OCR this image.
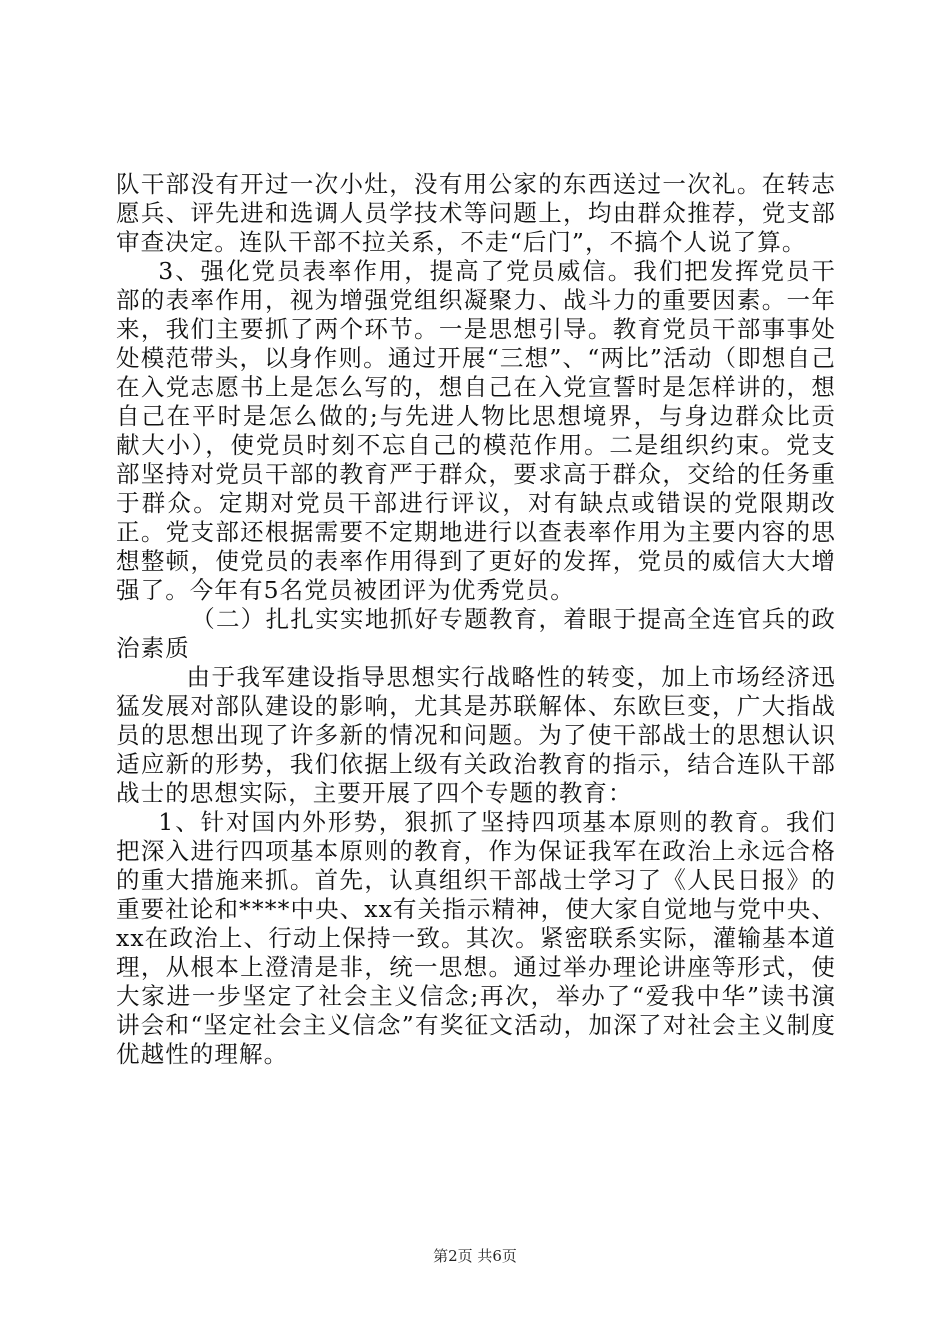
队干部没有开过一次小灶，没有用公家的东西送过一次礼。在转志愿兵、评先进和选调人员学技术等问题上，均由群众推荐，党支部审查决定。连队干部不拉关系，不走“后门”，不搞个人说了算。

3、强化党员表率作用，提高了党员威信。我们把发挥党员干部的表率作用，视为增强党组织凝聚力、战斗力的重要因素。一年来，我们主要抓了两个环节。一是思想引导。教育党员干部事事处处模范带头，以身作则。通过开展“三想”、“两比”活动（即想自己在入党志愿书上是怎么写的，想自己在入党宣誓时是怎样讲的，想自己在平时是怎么做的;与先进人物比思想境界，与身边群众比贡献大小），使党员时刻不忘自己的模范作用。二是组织约束。党支部坚持对党员干部的教育严于群众，要求高于群众，交给的任务重于群众。定期对党员干部进行评议，对有缺点或错误的党限期改正。党支部还根据需要不定期地进行以查表率作用为主要内容的思想整顿，使党员的表率作用得到了更好的发挥，党员的威信大大增强了。今年有5名党员被团评为优秀党员。

（二）扎扎实实地抓好专题教育，着眼于提高全连官兵的政治素质

由于我军建设指导思想实行战略性的转变，加上市场经济迅猛发展对部队建设的影响，尤其是苏联解体、东欧巨变，广大指战员的思想出现了许多新的情况和问题。为了使干部战士的思想认识适应新的形势，我们依据上级有关政治教育的指示，结合连队干部战士的思想实际，主要开展了四个专题的教育：

1、针对国内外形势，狠抓了坚持四项基本原则的教育。我们把深入进行四项基本原则的教育，作为保证我军在政治上永远合格的重大措施来抓。首先，认真组织干部战士学习了《人民日报》的重要社论和****中央、xx有关指示精神，使大家自觉地与党中央、xx在政治上、行动上保持一致。其次。紧密联系实际，灌输基本道理，从根本上澄清是非，统一思想。通过举办理论讲座等形式，使大家进一步坚定了社会主义信念;再次，举办了“爱我中华”读书演讲会和“坚定社会主义信念”有奖征文活动，加深了对社会主义制度优越性的理解。

第2页 共6页
